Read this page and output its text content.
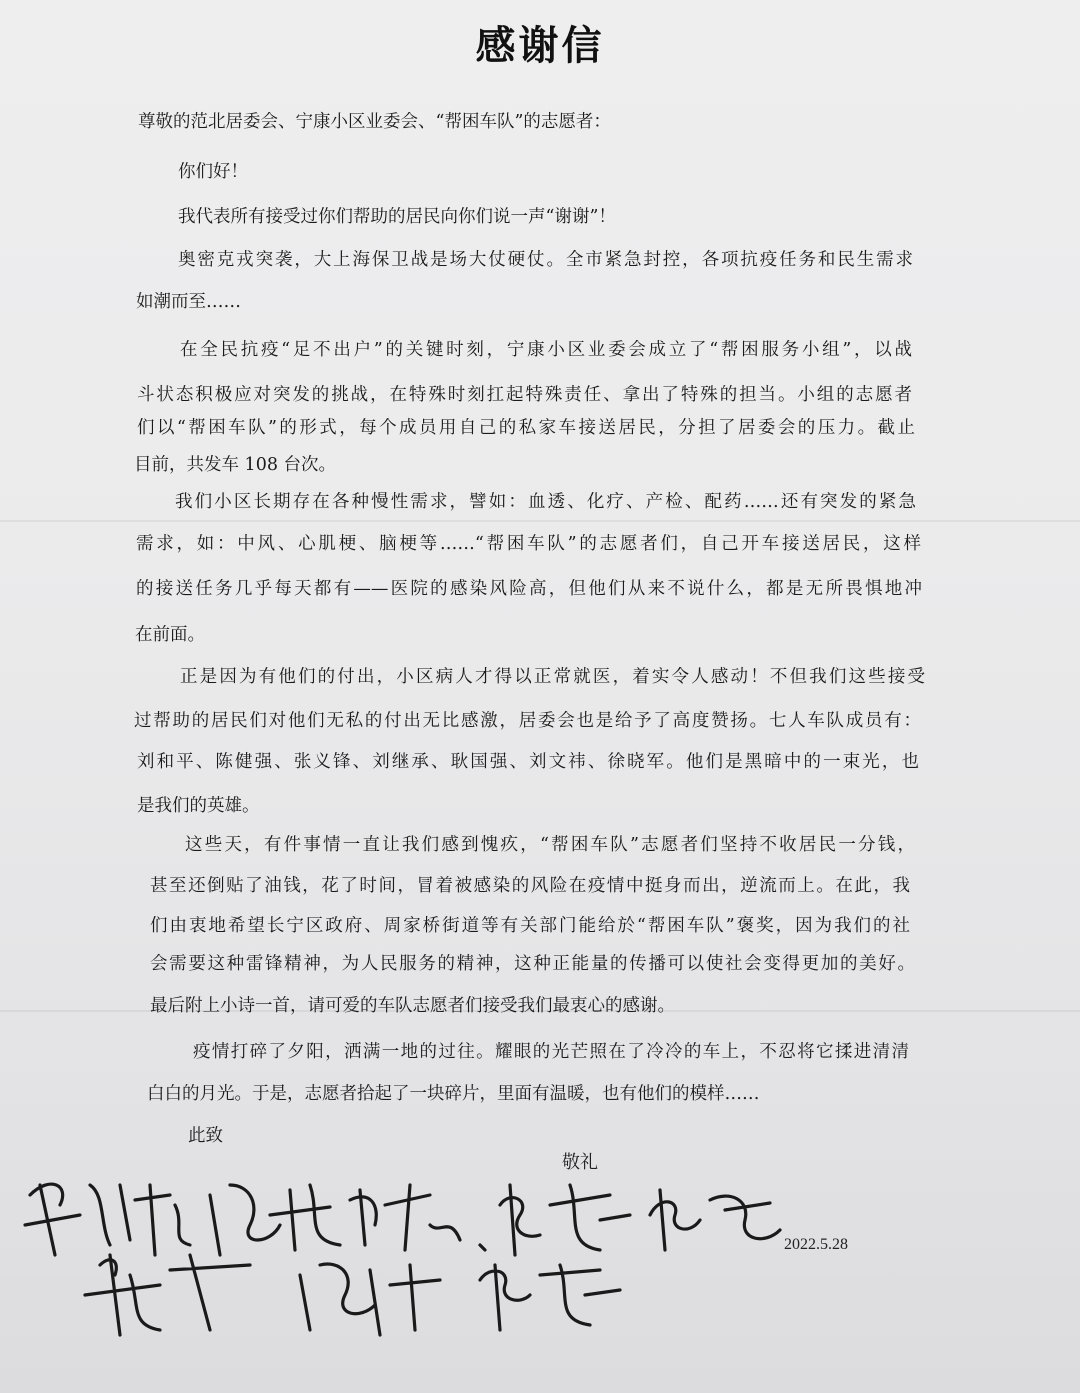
感谢信
尊敬的范北居委会、宁康小区业委会、“帮困车队”的志愿者：
你们好！
我代表所有接受过你们帮助的居民向你们说一声“谢谢”！
奥密克戎突袭，大上海保卫战是场大仗硬仗。全市紧急封控，各项抗疫任务和民生需求
如潮而至……
在全民抗疫“足不出户”的关键时刻，宁康小区业委会成立了“帮困服务小组”，以战
斗状态积极应对突发的挑战，在特殊时刻扛起特殊责任、拿出了特殊的担当。小组的志愿者
们以“帮困车队”的形式，每个成员用自己的私家车接送居民，分担了居委会的压力。截止
目前，共发车 108 台次。
我们小区长期存在各种慢性需求，譬如：血透、化疗、产检、配药……还有突发的紧急
需求，如：中风、心肌梗、脑梗等……“帮困车队”的志愿者们，自己开车接送居民，这样
的接送任务几乎每天都有——医院的感染风险高，但他们从来不说什么，都是无所畏惧地冲
在前面。
正是因为有他们的付出，小区病人才得以正常就医，着实令人感动！不但我们这些接受
过帮助的居民们对他们无私的付出无比感激，居委会也是给予了高度赞扬。七人车队成员有：
刘和平、陈健强、张义锋、刘继承、耿国强、刘文祎、徐晓军。他们是黑暗中的一束光，也
是我们的英雄。
这些天，有件事情一直让我们感到愧疚，“帮困车队”志愿者们坚持不收居民一分钱，
甚至还倒贴了油钱，花了时间，冒着被感染的风险在疫情中挺身而出，逆流而上。在此，我
们由衷地希望长宁区政府、周家桥街道等有关部门能给於“帮困车队”褒奖，因为我们的社
会需要这种雷锋精神，为人民服务的精神，这种正能量的传播可以使社会变得更加的美好。
最后附上小诗一首，请可爱的车队志愿者们接受我们最衷心的感谢。
疫情打碎了夕阳，洒满一地的过往。耀眼的光芒照在了冷冷的车上，不忍将它揉进清清
白白的月光。于是，志愿者拾起了一块碎片，里面有温暖，也有他们的模样……
此致
敬礼
2022.5.28
